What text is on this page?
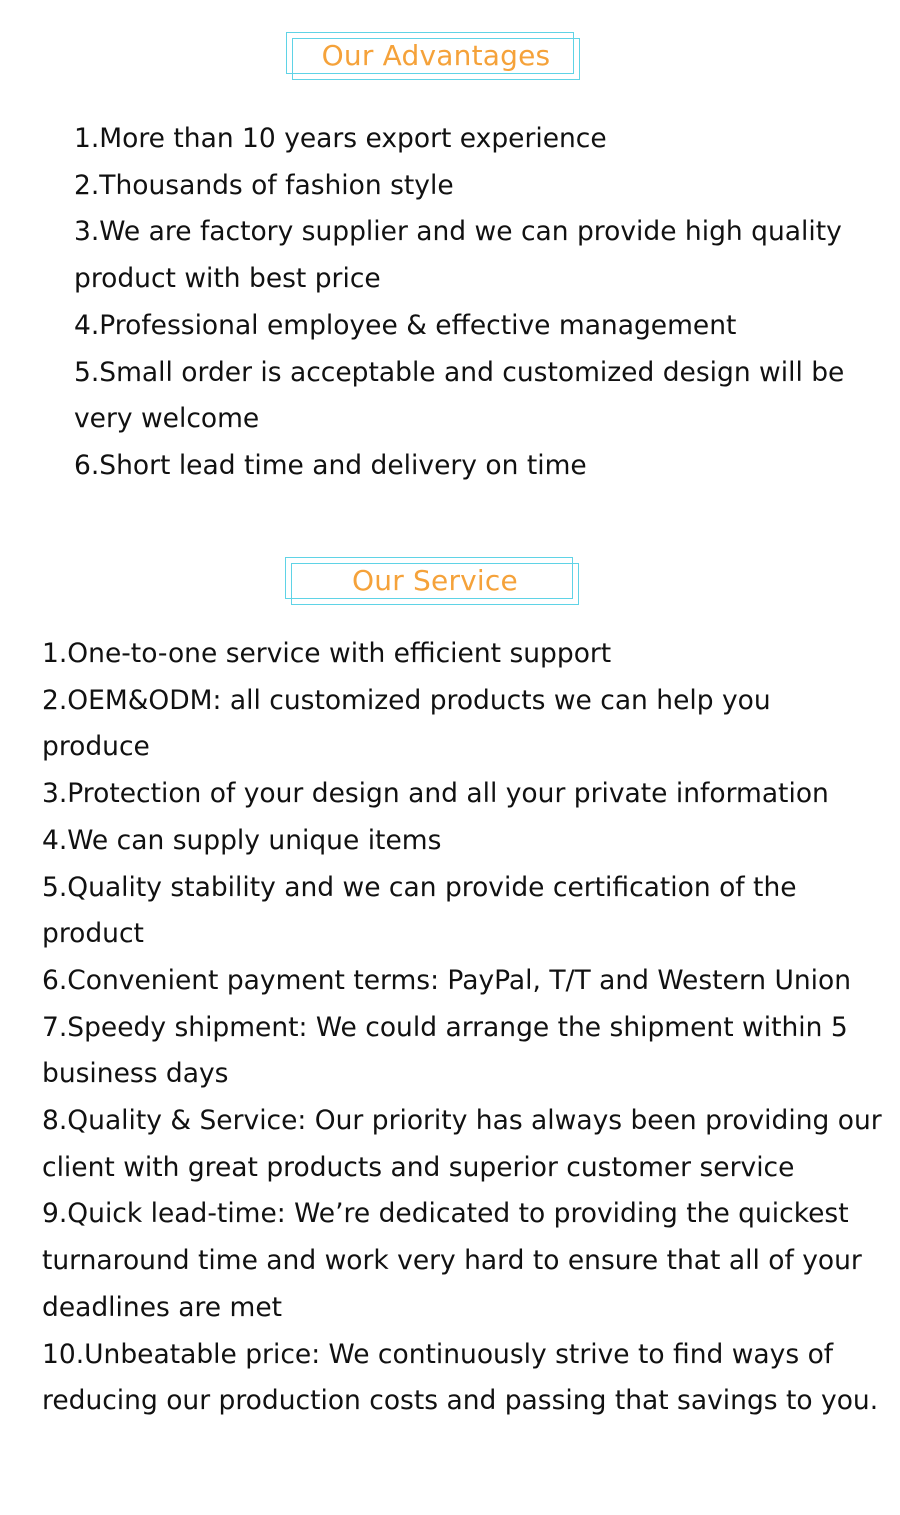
Our Advantages
1.More than 10 years export experience
2.Thousands of fashion style
3.We are factory supplier and we can provide high quality product with best price
4.Professional employee & effective management
5.Small order is acceptable and customized design will be very welcome
6.Short lead time and delivery on time
Our Service
1.One-to-one service with efficient support
2.OEM&ODM: all customized products we can help you produce
3.Protection of your design and all your private information
4.We can supply unique items
5.Quality stability and we can provide certification of the product
6.Convenient payment terms: PayPal, T/T and Western Union
7.Speedy shipment: We could arrange the shipment within 5 business days
8.Quality & Service: Our priority has always been providing our client with great products and superior customer service
9.Quick lead-time: We’re dedicated to providing the quickest turnaround time and work very hard to ensure that all of your deadlines are met
10.Unbeatable price: We continuously strive to find ways of reducing our production costs and passing that savings to you.
